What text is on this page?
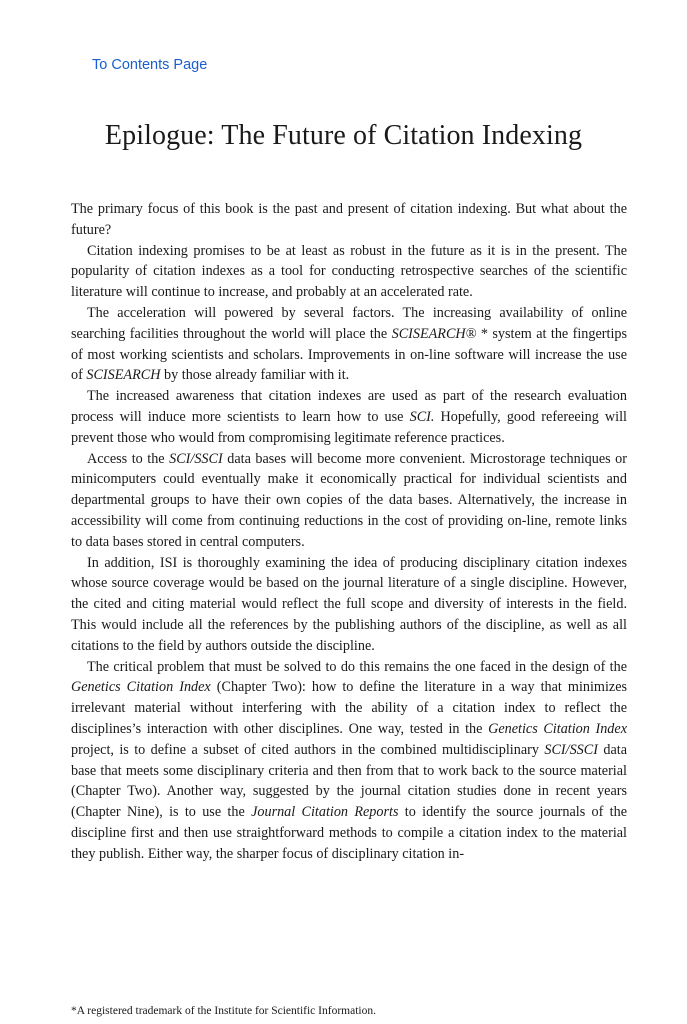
To Contents Page
Epilogue: The Future of Citation Indexing

The primary focus of this book is the past and present of citation indexing. But what about the future?

Citation indexing promises to be at least as robust in the future as it is in the present. The popularity of citation indexes as a tool for conducting retrospective searches of the scientific literature will continue to increase, and probably at an accelerated rate.

The acceleration will powered by several factors. The increasing availability of online searching facilities throughout the world will place the SCISEARCH® * system at the fingertips of most working scientists and scholars. Improvements in on-line software will increase the use of SCISEARCH by those already familiar with it.

The increased awareness that citation indexes are used as part of the research evaluation process will induce more scientists to learn how to use SCI. Hopefully, good refereeing will prevent those who would from compromising legitimate reference practices.

Access to the SCI/SSCI data bases will become more convenient. Microstorage techniques or minicomputers could eventually make it economically practical for individual scientists and departmental groups to have their own copies of the data bases. Alternatively, the increase in accessibility will come from continuing reductions in the cost of providing on-line, remote links to data bases stored in central computers.

In addition, ISI is thoroughly examining the idea of producing disciplinary citation indexes whose source coverage would be based on the journal literature of a single discipline. However, the cited and citing material would reflect the full scope and diversity of interests in the field. This would include all the references by the publishing authors of the discipline, as well as all citations to the field by authors outside the discipline.

The critical problem that must be solved to do this remains the one faced in the design of the Genetics Citation Index (Chapter Two): how to define the literature in a way that minimizes irrelevant material without interfering with the ability of a citation index to reflect the disciplines’s interaction with other disciplines. One way, tested in the Genetics Citation Index project, is to define a subset of cited authors in the combined multidisciplinary SCI/SSCI data base that meets some disciplinary criteria and then from that to work back to the source material (Chapter Two). Another way, suggested by the journal citation studies done in recent years (Chapter Nine), is to use the Journal Citation Reports to identify the source journals of the discipline first and then use straightforward methods to compile a citation index to the material they publish. Either way, the sharper focus of disciplinary citation in-

*A registered trademark of the Institute for Scientific Information.
